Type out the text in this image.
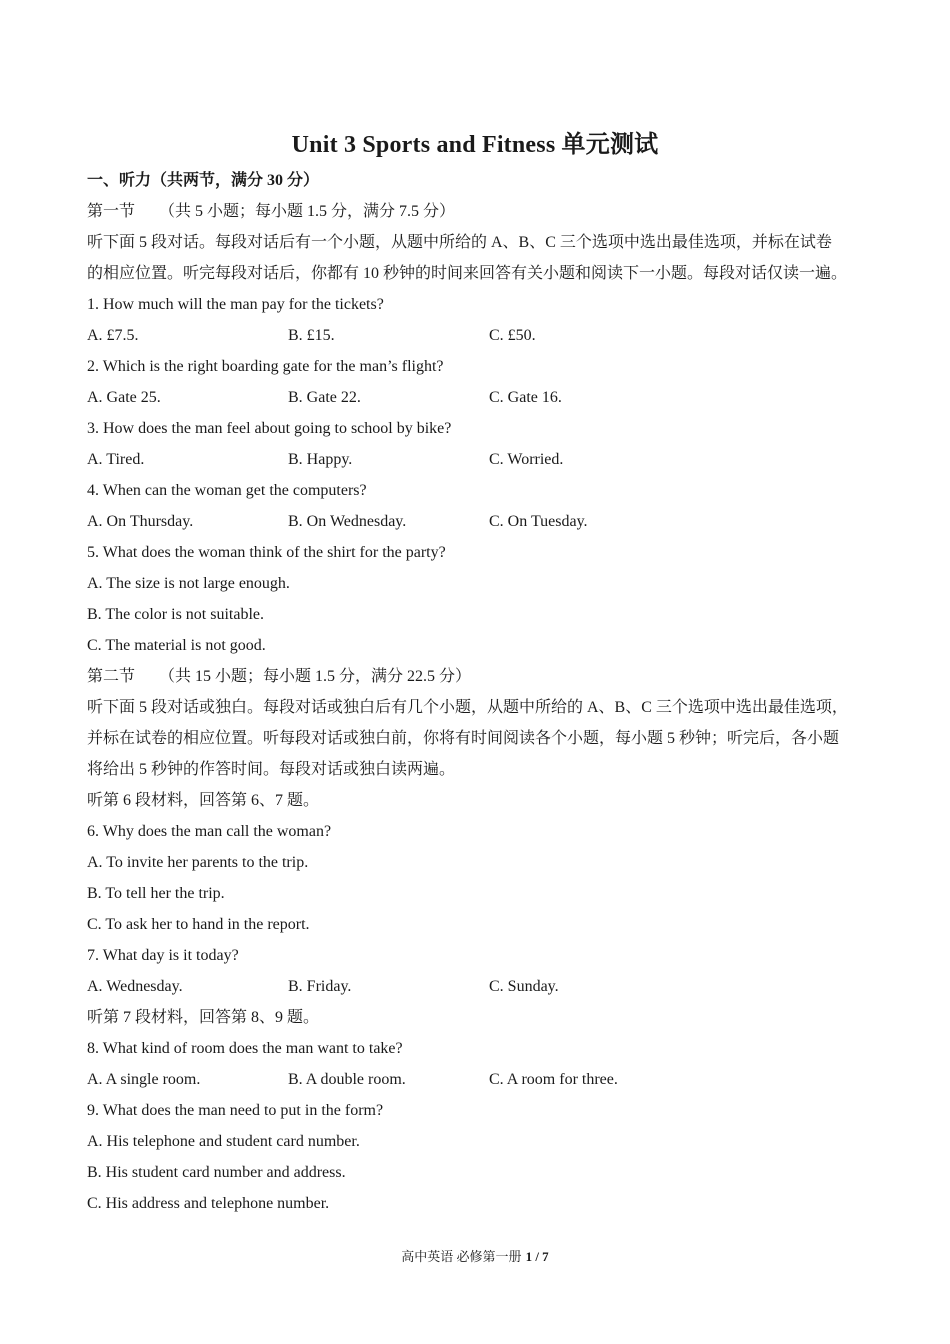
Unit 3 Sports and Fitness 单元测试
一、听力（共两节，满分 30 分）
第一节 （共 5 小题；每小题 1.5 分，满分 7.5 分）
听下面 5 段对话。每段对话后有一个小题，从题中所给的 A、B、C 三个选项中选出最佳选项，并标在试卷
的相应位置。听完每段对话后，你都有 10 秒钟的时间来回答有关小题和阅读下一小题。每段对话仅读一遍。
1. How much will the man pay for the tickets?
A. £7.5.	B. £15.	C. £50.
2. Which is the right boarding gate for the man’s flight?
A. Gate 25.	B. Gate 22.	C. Gate 16.
3. How does the man feel about going to school by bike?
A. Tired.	B. Happy.	C. Worried.
4. When can the woman get the computers?
A. On Thursday.	B. On Wednesday.	C. On Tuesday.
5. What does the woman think of the shirt for the party?
A. The size is not large enough.
B. The color is not suitable.
C. The material is not good.
第二节 （共 15 小题；每小题 1.5 分，满分 22.5 分）
听下面 5 段对话或独白。每段对话或独白后有几个小题，从题中所给的 A、B、C 三个选项中选出最佳选项，
并标在试卷的相应位置。听每段对话或独白前，你将有时间阅读各个小题，每小题 5 秒钟；听完后，各小题
将给出 5 秒钟的作答时间。每段对话或独白读两遍。
听第 6 段材料，回答第 6、7 题。
6. Why does the man call the woman?
A. To invite her parents to the trip.
B. To tell her the trip.
C. To ask her to hand in the report.
7. What day is it today?
A. Wednesday.	B. Friday.	C. Sunday.
听第 7 段材料，回答第 8、9 题。
8. What kind of room does the man want to take?
A. A single room.	B. A double room.	C. A room for three.
9. What does the man need to put in the form?
A. His telephone and student card number.
B. His student card number and address.
C. His address and telephone number.
高中英语 必修第一册 1 / 7
